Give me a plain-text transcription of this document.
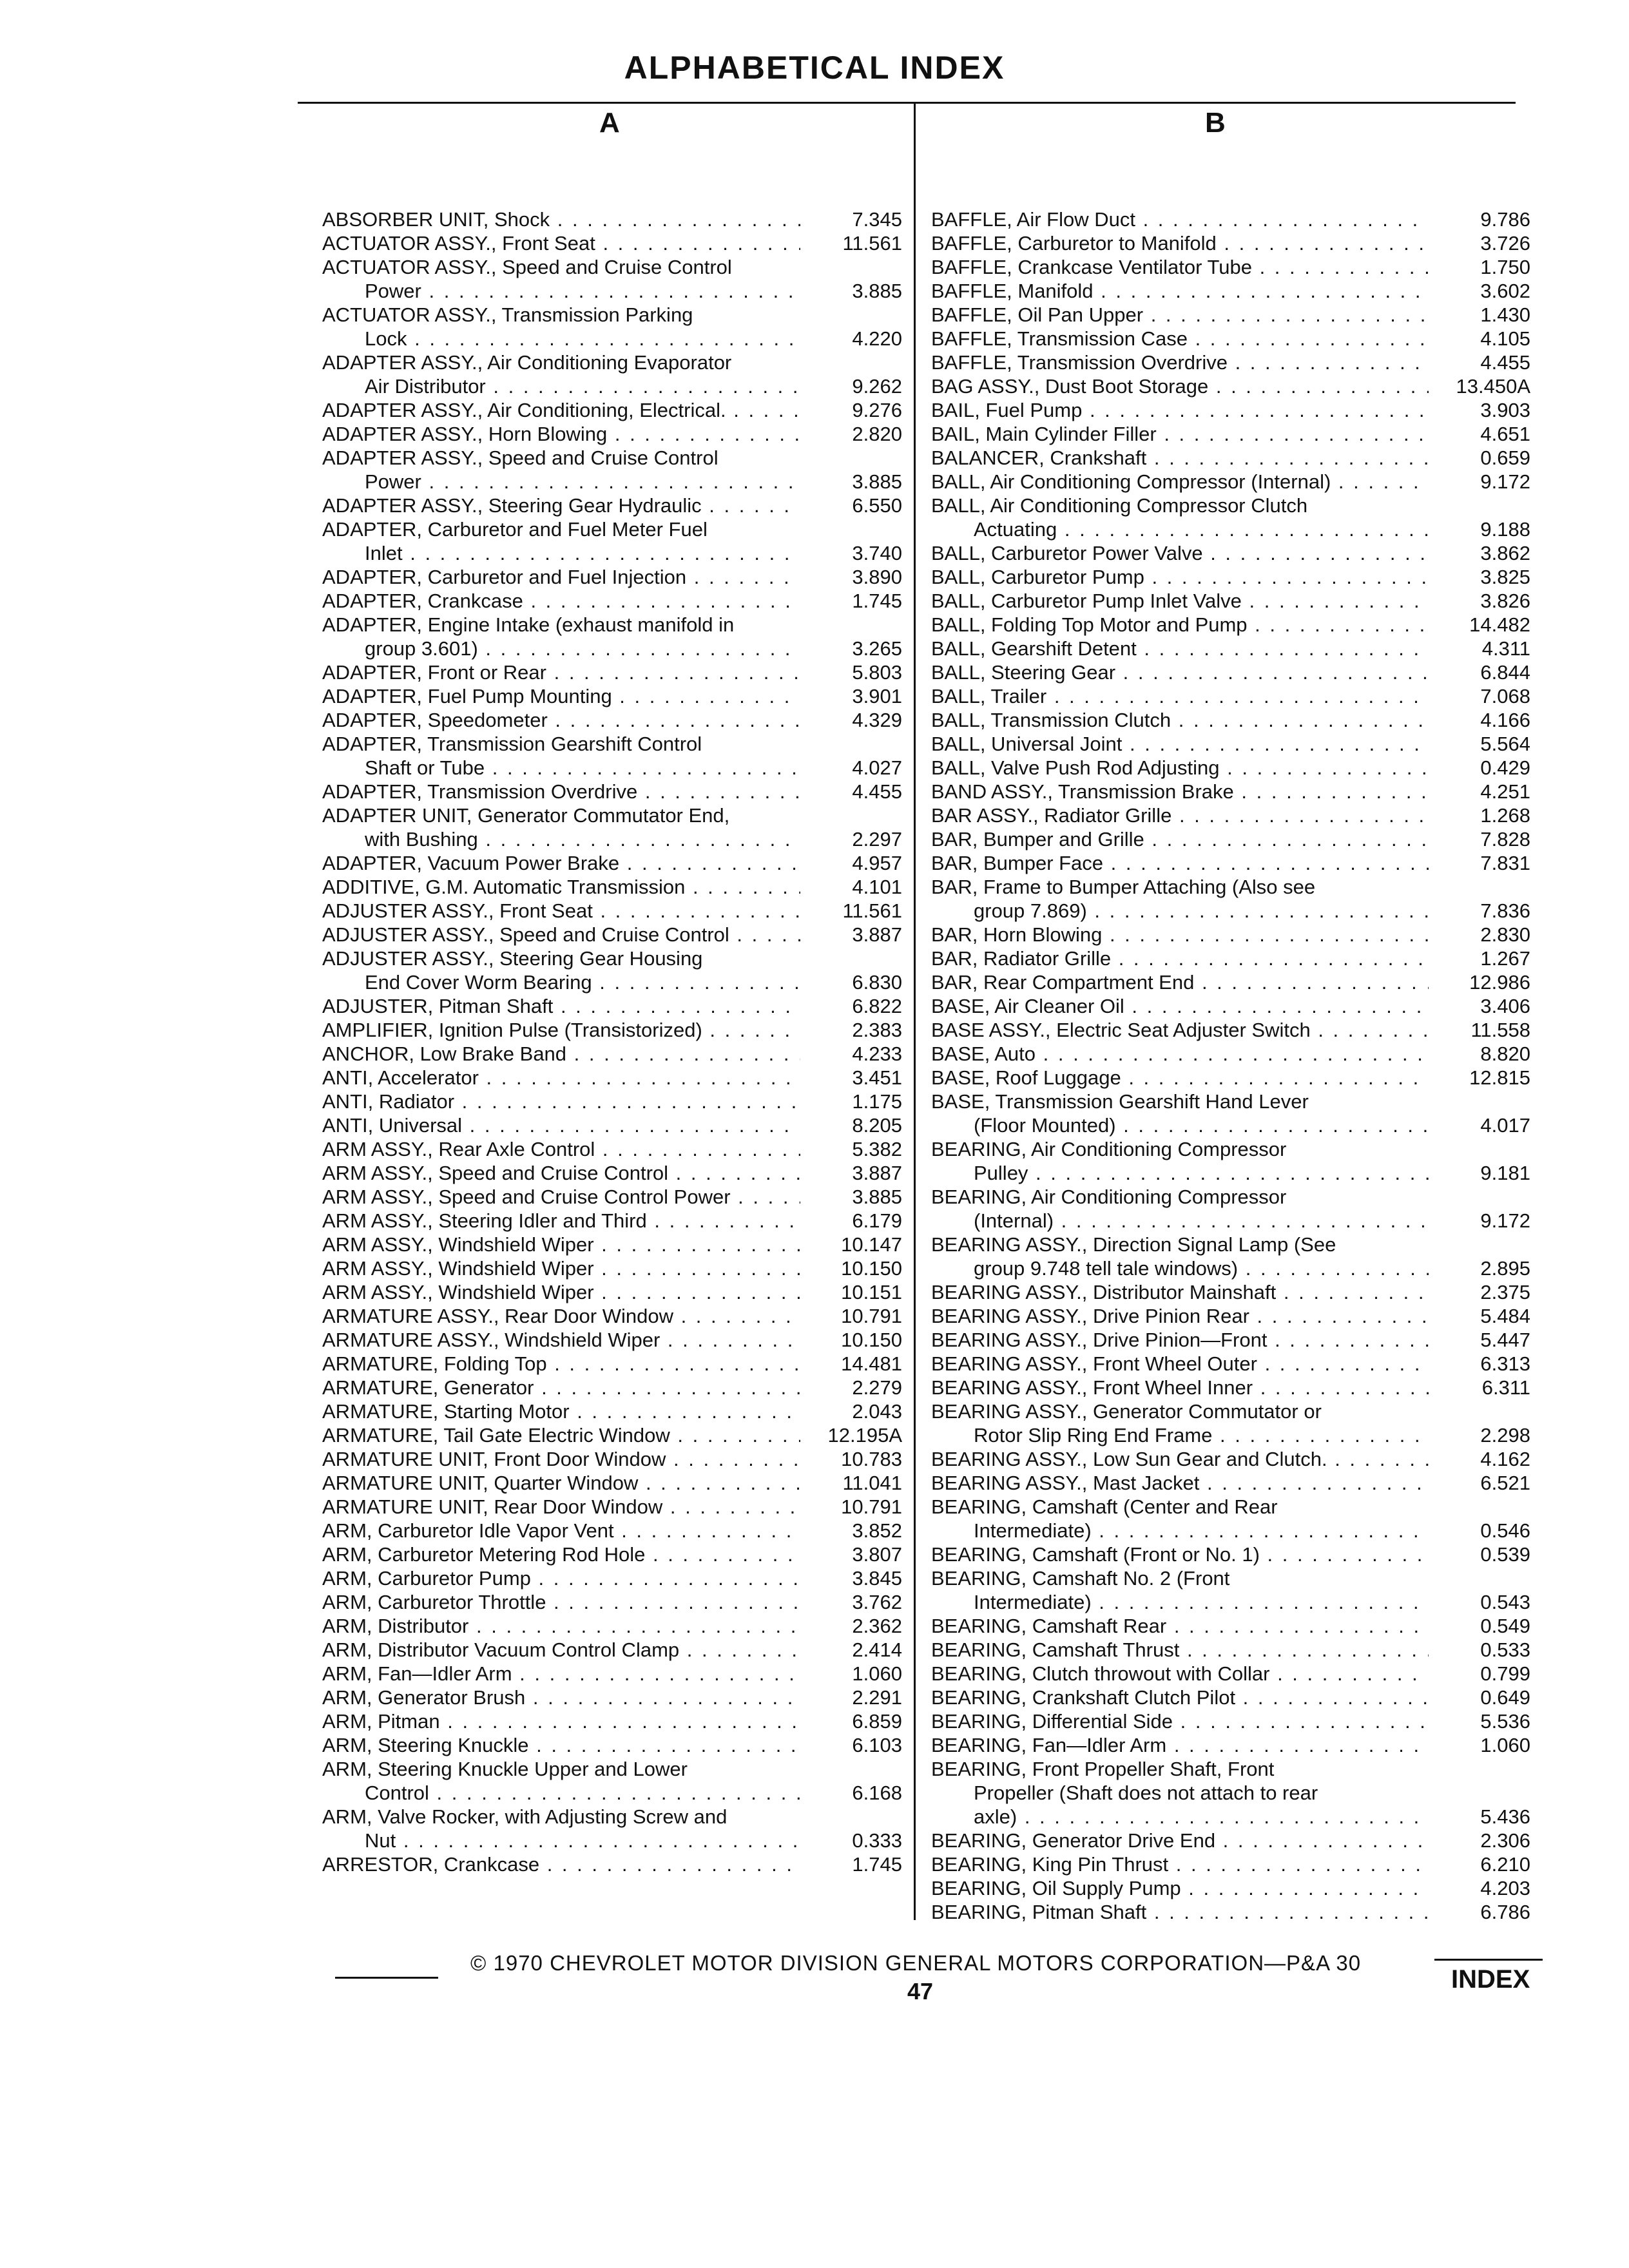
ALPHABETICAL INDEX
A	B
ABSORBER UNIT, Shock . . .	7.345
ACTUATOR ASSY., Front Seat . . .	11.561
ACTUATOR ASSY., Speed and Cruise Control
Power . . .	3.885
ACTUATOR ASSY., Transmission Parking
Lock . . .	4.220
ADAPTER ASSY., Air Conditioning Evaporator
Air Distributor . . .	9.262
ADAPTER ASSY., Air Conditioning, Electrical. . . .	9.276
ADAPTER ASSY., Horn Blowing . . .	2.820
ADAPTER ASSY., Speed and Cruise Control
Power . . .	3.885
ADAPTER ASSY., Steering Gear Hydraulic . . .	6.550
ADAPTER, Carburetor and Fuel Meter Fuel
Inlet . . .	3.740
ADAPTER, Carburetor and Fuel Injection . . .	3.890
ADAPTER, Crankcase . . .	1.745
ADAPTER, Engine Intake (exhaust manifold in
group 3.601) . . .	3.265
ADAPTER, Front or Rear . . .	5.803
ADAPTER, Fuel Pump Mounting . . .	3.901
ADAPTER, Speedometer . . .	4.329
ADAPTER, Transmission Gearshift Control
Shaft or Tube . . .	4.027
ADAPTER, Transmission Overdrive . . .	4.455
ADAPTER UNIT, Generator Commutator End,
with Bushing . . .	2.297
ADAPTER, Vacuum Power Brake . . .	4.957
ADDITIVE, G.M. Automatic Transmission . . .	4.101
ADJUSTER ASSY., Front Seat . . .	11.561
ADJUSTER ASSY., Speed and Cruise Control . . .	3.887
ADJUSTER ASSY., Steering Gear Housing
End Cover Worm Bearing . . .	6.830
ADJUSTER, Pitman Shaft . . .	6.822
AMPLIFIER, Ignition Pulse (Transistorized) . . .	2.383
ANCHOR, Low Brake Band . . .	4.233
ANTI, Accelerator . . .	3.451
ANTI, Radiator . . .	1.175
ANTI, Universal . . .	8.205
ARM ASSY., Rear Axle Control . . .	5.382
ARM ASSY., Speed and Cruise Control . . .	3.887
ARM ASSY., Speed and Cruise Control Power . . .	3.885
ARM ASSY., Steering Idler and Third . . .	6.179
ARM ASSY., Windshield Wiper . . .	10.147
ARM ASSY., Windshield Wiper . . .	10.150
ARM ASSY., Windshield Wiper . . .	10.151
ARMATURE ASSY., Rear Door Window . . .	10.791
ARMATURE ASSY., Windshield Wiper . . .	10.150
ARMATURE, Folding Top . . .	14.481
ARMATURE, Generator . . .	2.279
ARMATURE, Starting Motor . . .	2.043
ARMATURE, Tail Gate Electric Window . . .	12.195A
ARMATURE UNIT, Front Door Window . . .	10.783
ARMATURE UNIT, Quarter Window . . .	11.041
ARMATURE UNIT, Rear Door Window . . .	10.791
ARM, Carburetor Idle Vapor Vent . . .	3.852
ARM, Carburetor Metering Rod Hole . . .	3.807
ARM, Carburetor Pump . . .	3.845
ARM, Carburetor Throttle . . .	3.762
ARM, Distributor . . .	2.362
ARM, Distributor Vacuum Control Clamp . . .	2.414
ARM, Fan—Idler Arm . . .	1.060
ARM, Generator Brush . . .	2.291
ARM, Pitman . . .	6.859
ARM, Steering Knuckle . . .	6.103
ARM, Steering Knuckle Upper and Lower
Control . . .	6.168
ARM, Valve Rocker, with Adjusting Screw and
Nut . . .	0.333
ARRESTOR, Crankcase . . .	1.745
BAFFLE, Air Flow Duct . . .	9.786
BAFFLE, Carburetor to Manifold . . .	3.726
BAFFLE, Crankcase Ventilator Tube . . .	1.750
BAFFLE, Manifold . . .	3.602
BAFFLE, Oil Pan Upper . . .	1.430
BAFFLE, Transmission Case . . .	4.105
BAFFLE, Transmission Overdrive . . .	4.455
BAG ASSY., Dust Boot Storage . . .	13.450A
BAIL, Fuel Pump . . .	3.903
BAIL, Main Cylinder Filler . . .	4.651
BALANCER, Crankshaft . . .	0.659
BALL, Air Conditioning Compressor (Internal) . . .	9.172
BALL, Air Conditioning Compressor Clutch
Actuating . . .	9.188
BALL, Carburetor Power Valve . . .	3.862
BALL, Carburetor Pump . . .	3.825
BALL, Carburetor Pump Inlet Valve . . .	3.826
BALL, Folding Top Motor and Pump . . .	14.482
BALL, Gearshift Detent . . .	4.311
BALL, Steering Gear . . .	6.844
BALL, Trailer . . .	7.068
BALL, Transmission Clutch . . .	4.166
BALL, Universal Joint . . .	5.564
BALL, Valve Push Rod Adjusting . . .	0.429
BAND ASSY., Transmission Brake . . .	4.251
BAR ASSY., Radiator Grille . . .	1.268
BAR, Bumper and Grille . . .	7.828
BAR, Bumper Face . . .	7.831
BAR, Frame to Bumper Attaching (Also see
group 7.869) . . .	7.836
BAR, Horn Blowing . . .	2.830
BAR, Radiator Grille . . .	1.267
BAR, Rear Compartment End . . .	12.986
BASE, Air Cleaner Oil . . .	3.406
BASE ASSY., Electric Seat Adjuster Switch . . .	11.558
BASE, Auto . . .	8.820
BASE, Roof Luggage . . .	12.815
BASE, Transmission Gearshift Hand Lever
(Floor Mounted) . . .	4.017
BEARING, Air Conditioning Compressor
Pulley . . .	9.181
BEARING, Air Conditioning Compressor
(Internal) . . .	9.172
BEARING ASSY., Direction Signal Lamp (See
group 9.748 tell tale windows) . . .	2.895
BEARING ASSY., Distributor Mainshaft . . .	2.375
BEARING ASSY., Drive Pinion Rear . . .	5.484
BEARING ASSY., Drive Pinion—Front . . .	5.447
BEARING ASSY., Front Wheel Outer . . .	6.313
BEARING ASSY., Front Wheel Inner . . .	6.311
BEARING ASSY., Generator Commutator or
Rotor Slip Ring End Frame . . .	2.298
BEARING ASSY., Low Sun Gear and Clutch. . . .	4.162
BEARING ASSY., Mast Jacket . . .	6.521
BEARING, Camshaft (Center and Rear
Intermediate) . . .	0.546
BEARING, Camshaft (Front or No. 1) . . .	0.539
BEARING, Camshaft No. 2 (Front
Intermediate) . . .	0.543
BEARING, Camshaft Rear . . .	0.549
BEARING, Camshaft Thrust . . .	0.533
BEARING, Clutch throwout with Collar . . .	0.799
BEARING, Crankshaft Clutch Pilot . . .	0.649
BEARING, Differential Side . . .	5.536
BEARING, Fan—Idler Arm . . .	1.060
BEARING, Front Propeller Shaft, Front
Propeller (Shaft does not attach to rear
axle) . . .	5.436
BEARING, Generator Drive End . . .	2.306
BEARING, King Pin Thrust . . .	6.210
BEARING, Oil Supply Pump . . .	4.203
BEARING, Pitman Shaft . . .	6.786
© 1970 CHEVROLET MOTOR DIVISION GENERAL MOTORS CORPORATION—P&A 30
47	INDEX
